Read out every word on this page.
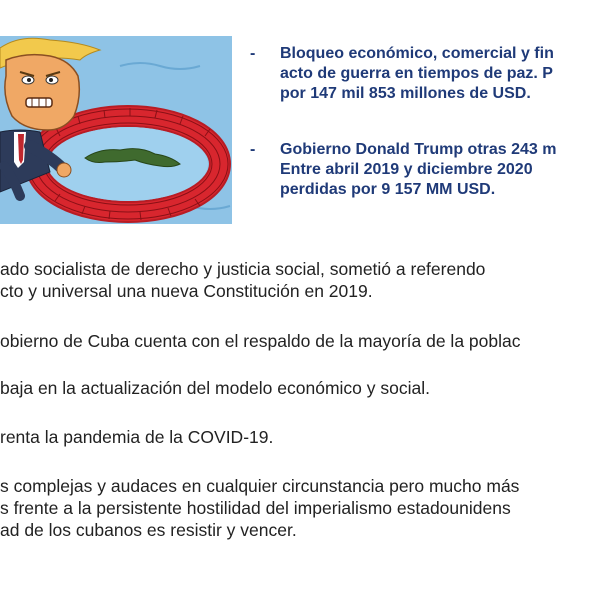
-	Bloqueo económico, comercial y fin
acto de guerra en tiempos de paz. P
por 147 mil 853 millones de USD.
-	Gobierno Donald Trump otras 243 m
Entre abril 2019 y diciembre 2020
perdidas por 9 157 MM USD.
ado socialista de derecho y justicia social, sometió a referendo
cto y universal una nueva Constitución en 2019.
obierno de Cuba cuenta con el respaldo de la mayoría de la poblac
baja en la actualización del modelo económico y social.
renta la pandemia de la COVID-19.
s complejas y audaces en cualquier circunstancia pero mucho más
s frente a la persistente hostilidad del imperialismo estadounidens
ad de los cubanos es resistir y vencer.
